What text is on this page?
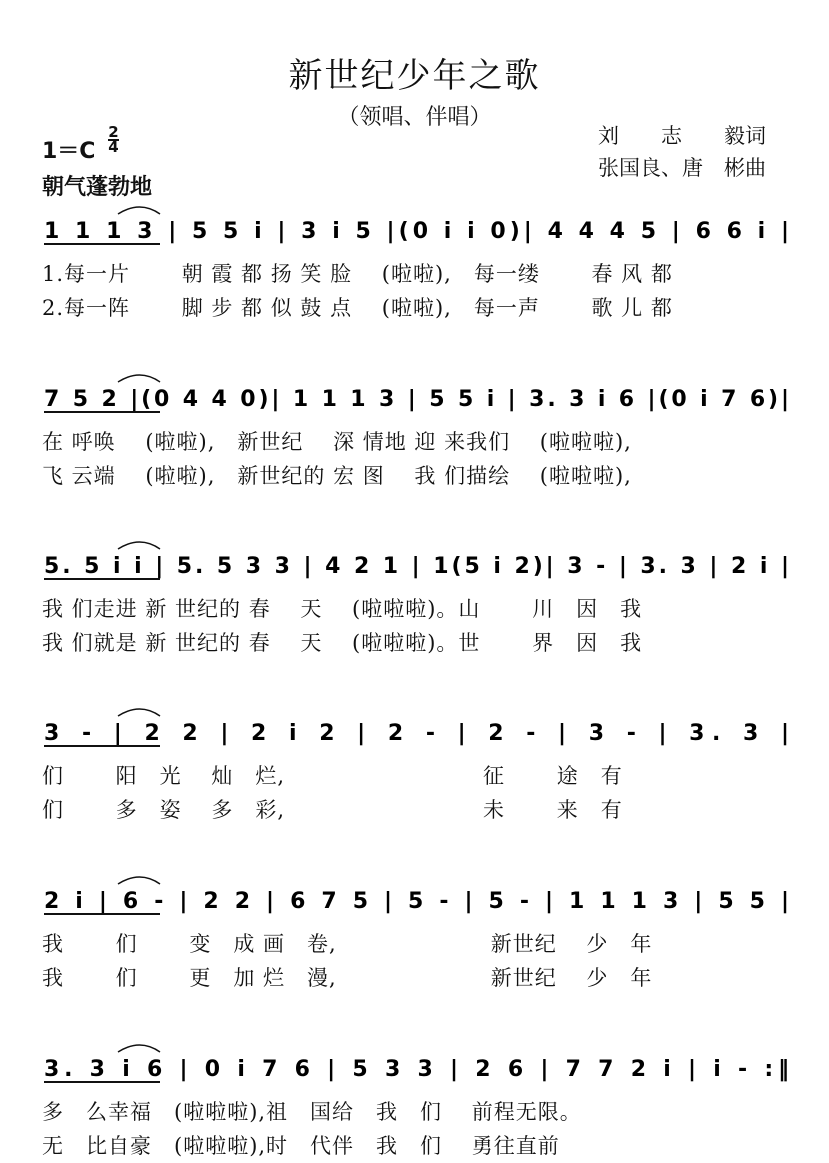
新世纪少年之歌
（领唱、伴唱）
1＝C
2
4
朝气蓬勃地
刘　　志　　毅词
张国良、唐　彬曲
1 1 1 3 | 5 5 i | 3 i 5 |(0 i i 0)| 4 4 4 5 | 6 6 i |
1.每一片　　 朝 霞 都 扬 笑 脸　 (啦啦),　每一缕　　 春 风 都
2.每一阵　　 脚 步 都 似 鼓 点　 (啦啦),　每一声　　 歌 儿 都
7 5 2 |(0 4 4 0)| 1 1 1 3 | 5 5 i | 3. 3 i 6 |(0 i 7 6)|
在 呼唤　 (啦啦),　新世纪　 深 情地 迎 来我们　 (啦啦啦),
飞 云端　 (啦啦),　新世纪的 宏 图　 我 们描绘　 (啦啦啦),
5. 5 i i | 5. 5 3 3 | 4 2 1 | 1(5 i 2)| 3 - | 3. 3 | 2 i |
我 们走进 新 世纪的 春　 天　 (啦啦啦)。山　　 川　因　我
我 们就是 新 世纪的 春　 天　 (啦啦啦)。世　　 界　因　我
3 - | 2 2 | 2 i 2 | 2 - | 2 - | 3 - | 3. 3 |
们　　 阳　光　 灿　烂,　　　　　　　　　征　　 途　有
们　　 多　姿　 多　彩,　　　　　　　　　未　　 来　有
2 i | 6 - | 2 2 | 6 7 5 | 5 - | 5 - | 1 1 1 3 | 5 5 |
我　　 们　　 变　成 画　卷,　　　　　　　新世纪　 少　年
我　　 们　　 更　加 烂　漫,　　　　　　　新世纪　 少　年
3. 3 i 6 | 0 i 7 6 | 5 3 3 | 2 6 | 7 7 2 i | i - :‖
多　么幸福　(啦啦啦),祖　国给　我　们　 前程无限。
无　比自豪　(啦啦啦),时　代伴　我　们　 勇往直前
